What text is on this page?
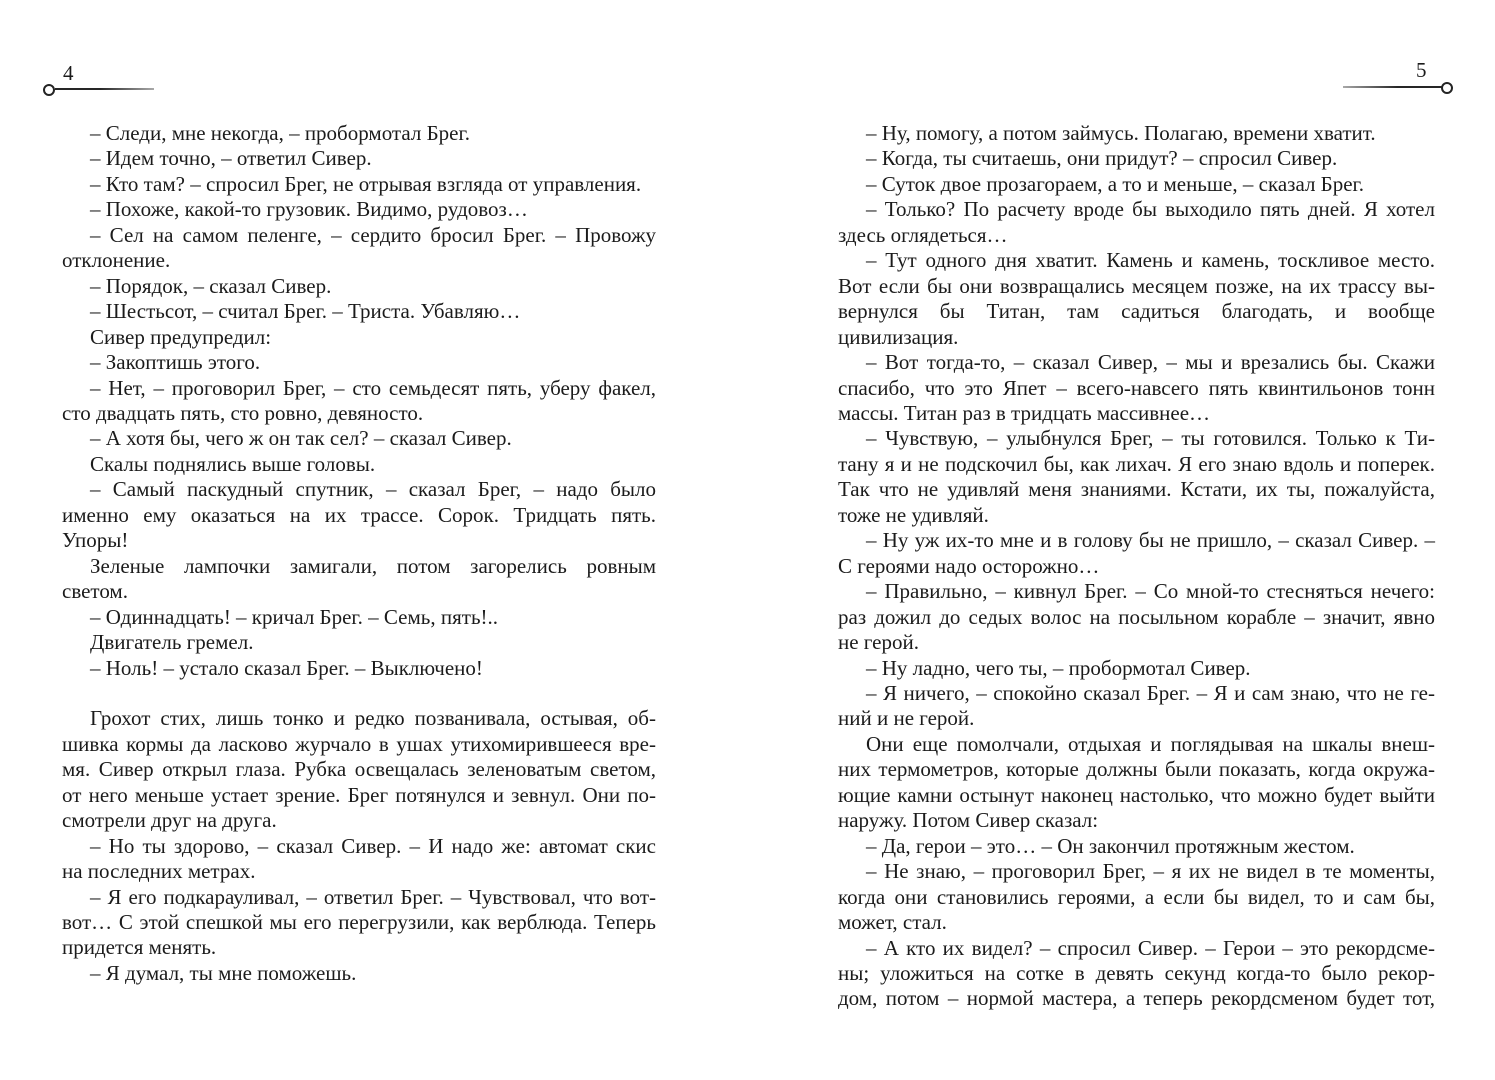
4	5
– Следи, мне некогда, – пробормотал Брег.
– Идем точно, – ответил Сивер.
– Кто там? – спросил Брег, не отрывая взгляда от управления.
– Похоже, какой-то грузовик. Видимо, рудовоз…
– Сел на самом пеленге, – сердито бросил Брег. – Провожу
отклонение.
– Порядок, – сказал Сивер.
– Шестьсот, – считал Брег. – Триста. Убавляю…
Сивер предупредил:
– Закоптишь этого.
– Нет, – проговорил Брег, – сто семьдесят пять, уберу факел,
сто двадцать пять, сто ровно, девяносто.
– А хотя бы, чего ж он так сел? – сказал Сивер.
Скалы поднялись выше головы.
– Самый паскудный спутник, – сказал Брег, – надо было
именно ему оказаться на их трассе. Сорок. Тридцать пять.
Упоры!
Зеленые лампочки замигали, потом загорелись ровным
светом.
– Одиннадцать! – кричал Брег. – Семь, пять!..
Двигатель гремел.
– Ноль! – устало сказал Брег. – Выключено!
Грохот стих, лишь тонко и редко позванивала, остывая, об-
шивка кормы да ласково журчало в ушах утихомирившееся вре-
мя. Сивер открыл глаза. Рубка освещалась зеленоватым светом,
от него меньше устает зрение. Брег потянулся и зевнул. Они по-
смотрели друг на друга.
– Но ты здорово, – сказал Сивер. – И надо же: автомат скис
на последних метрах.
– Я его подкарауливал, – ответил Брег. – Чувствовал, что вот-
вот… С этой спешкой мы его перегрузили, как верблюда. Теперь
придется менять.
– Я думал, ты мне поможешь.
– Ну, помогу, а потом займусь. Полагаю, времени хватит.
– Когда, ты считаешь, они придут? – спросил Сивер.
– Суток двое прозагораем, а то и меньше, – сказал Брег.
– Только? По расчету вроде бы выходило пять дней. Я хотел
здесь оглядеться…
– Тут одного дня хватит. Камень и камень, тоскливое место.
Вот если бы они возвращались месяцем позже, на их трассу вы-
вернулся бы Титан, там садиться благодать, и вообще цивилизация.
– Вот тогда-то, – сказал Сивер, – мы и врезались бы. Скажи
спасибо, что это Япет – всего-навсего пять квинтильонов тонн
массы. Титан раз в тридцать массивнее…
– Чувствую, – улыбнулся Брег, – ты готовился. Только к Ти-
тану я и не подскочил бы, как лихач. Я его знаю вдоль и поперек.
Так что не удивляй меня знаниями. Кстати, их ты, пожалуйста,
тоже не удивляй.
– Ну уж их-то мне и в голову бы не пришло, – сказал Сивер. –
С героями надо осторожно…
– Правильно, – кивнул Брег. – Со мной-то стесняться нечего:
раз дожил до седых волос на посыльном корабле – значит, явно
не герой.
– Ну ладно, чего ты, – пробормотал Сивер.
– Я ничего, – спокойно сказал Брег. – Я и сам знаю, что не ге-
ний и не герой.
Они еще помолчали, отдыхая и поглядывая на шкалы внеш-
них термометров, которые должны были показать, когда окружа-
ющие камни остынут наконец настолько, что можно будет выйти
наружу. Потом Сивер сказал:
– Да, герои – это… – Он закончил протяжным жестом.
– Не знаю, – проговорил Брег, – я их не видел в те моменты,
когда они становились героями, а если бы видел, то и сам бы,
может, стал.
– А кто их видел? – спросил Сивер. – Герои – это рекордсме-
ны; уложиться на сотке в девять секунд когда-то было рекор-
дом, потом – нормой мастера, а теперь рекордсменом будет тот,
